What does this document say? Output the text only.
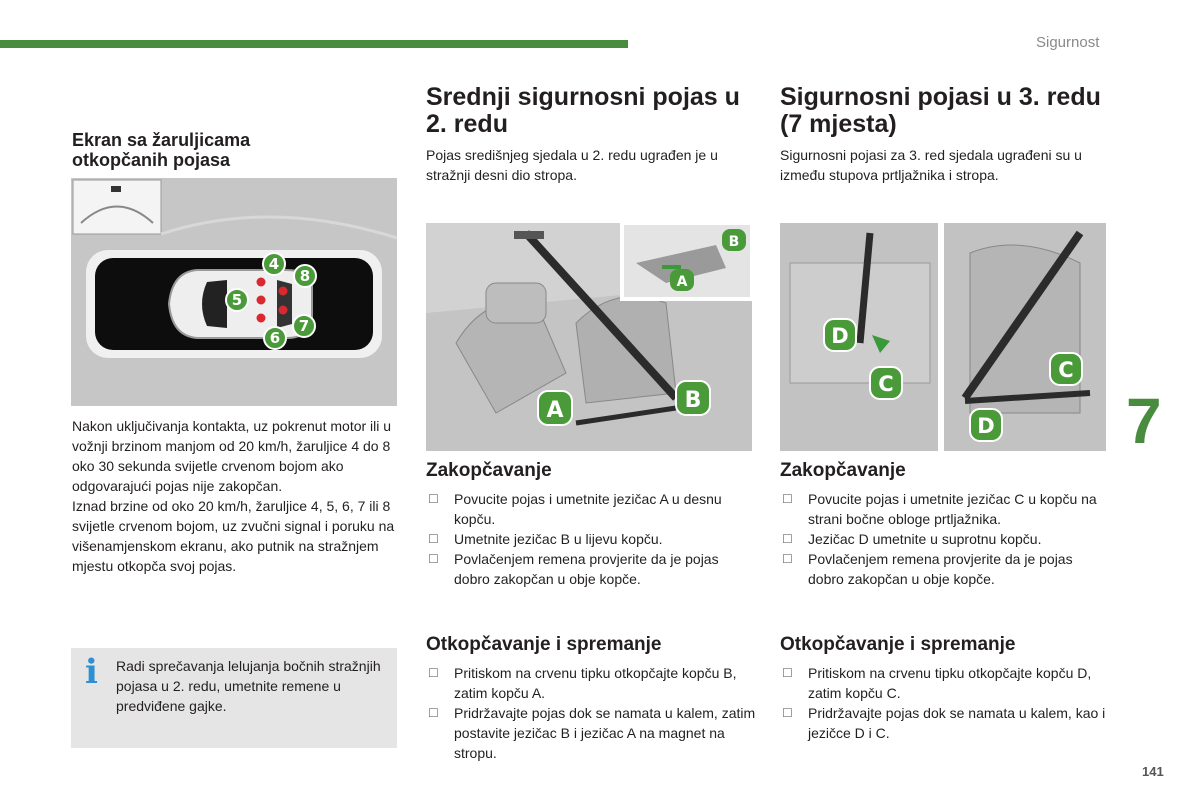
Sigurnost
7
141
Ekran sa žaruljicama otkopčanih pojasa
4
8
5
6
7

Nakon uključivanja kontakta, uz pokrenut motor ili u vožnji brzinom manjom od 20 km/h, žaruljice 4 do 8 oko 30 sekunda svijetle crvenom bojom ako odgovarajući pojas nije zakopčan.

Iznad brzine od oko 20 km/h, žaruljice 4, 5, 6, 7 ili 8 svijetle crvenom bojom, uz zvučni signal i poruku na višenamjenskom ekranu, ako putnik na stražnjem mjestu otkopča svoj pojas.

i Radi sprečavanja lelujanja bočnih stražnjih pojasa u 2. redu, umetnite remene u predviđene gajke.

Srednji sigurnosni pojas u 2. redu

Pojas središnjeg sjedala u 2. redu ugrađen je u stražnji desni dio stropa.

B
A
A	B
Zakopčavanje
☐ Povucite pojas i umetnite jezičac A u desnu kopču.
☐ Umetnite jezičac B u lijevu kopču.
☐ Povlačenjem remena provjerite da je pojas dobro zakopčan u obje kopče.
Otkopčavanje i spremanje
☐ Pritiskom na crvenu tipku otkopčajte kopču B, zatim kopču A.
☐ Pridržavajte pojas dok se namata u kalem, zatim postavite jezičac B i jezičac A na magnet na stropu.
Sigurnosni pojasi u 3. redu (7 mjesta)

Sigurnosni pojasi za 3. red sjedala ugrađeni su u između stupova prtljažnika i stropa.

D
C
C
D
Zakopčavanje
☐ Povucite pojas i umetnite jezičac C u kopču na strani bočne obloge prtljažnika.
☐ Jezičac D umetnite u suprotnu kopču.
☐ Povlačenjem remena provjerite da je pojas dobro zakopčan u obje kopče.
Otkopčavanje i spremanje
☐ Pritiskom na crvenu tipku otkopčajte kopču D, zatim kopču C.
☐ Pridržavajte pojas dok se namata u kalem, kao i jezičce D i C.
